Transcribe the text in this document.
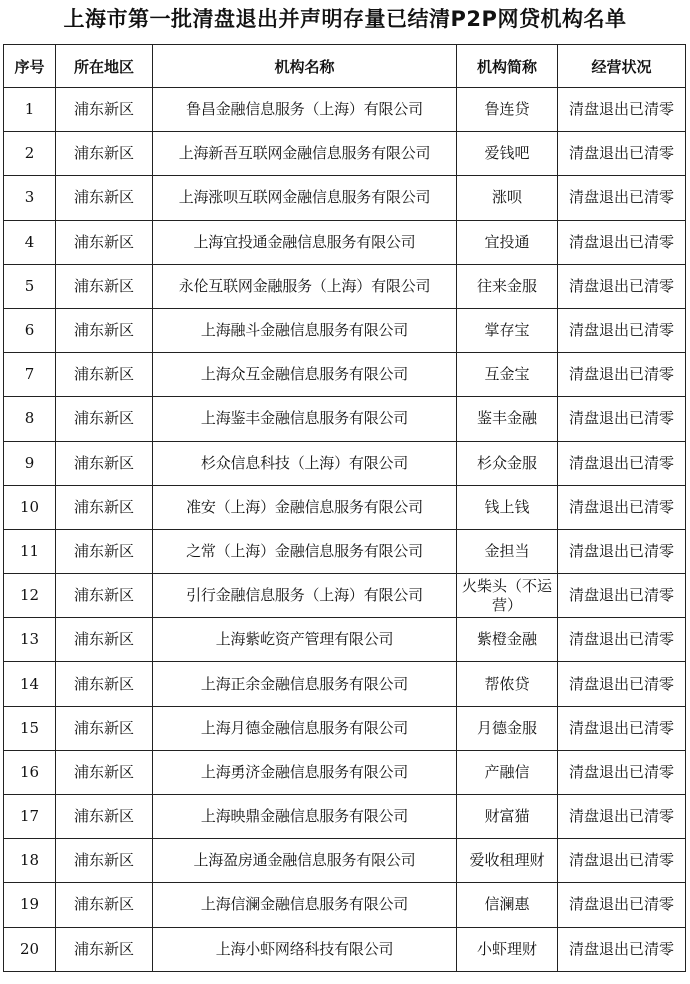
上海市第一批清盘退出并声明存量已结清P2P网贷机构名单
序号	所在地区	机构名称	机构简称	经营状况
1	浦东新区	鲁昌金融信息服务（上海）有限公司	鲁连贷	清盘退出已清零
2	浦东新区	上海新吾互联网金融信息服务有限公司	爱钱吧	清盘退出已清零
3	浦东新区	上海涨呗互联网金融信息服务有限公司	涨呗	清盘退出已清零
4	浦东新区	上海宜投通金融信息服务有限公司	宜投通	清盘退出已清零
5	浦东新区	永伦互联网金融服务（上海）有限公司	往来金服	清盘退出已清零
6	浦东新区	上海融斗金融信息服务有限公司	掌存宝	清盘退出已清零
7	浦东新区	上海众互金融信息服务有限公司	互金宝	清盘退出已清零
8	浦东新区	上海鉴丰金融信息服务有限公司	鉴丰金融	清盘退出已清零
9	浦东新区	杉众信息科技（上海）有限公司	杉众金服	清盘退出已清零
10	浦东新区	准安（上海）金融信息服务有限公司	钱上钱	清盘退出已清零
11	浦东新区	之常（上海）金融信息服务有限公司	金担当	清盘退出已清零
12	浦东新区	引行金融信息服务（上海）有限公司	火柴头（不运营）	清盘退出已清零
13	浦东新区	上海紫屹资产管理有限公司	紫橙金融	清盘退出已清零
14	浦东新区	上海正余金融信息服务有限公司	帮侬贷	清盘退出已清零
15	浦东新区	上海月德金融信息服务有限公司	月德金服	清盘退出已清零
16	浦东新区	上海勇济金融信息服务有限公司	产融信	清盘退出已清零
17	浦东新区	上海映鼎金融信息服务有限公司	财富猫	清盘退出已清零
18	浦东新区	上海盈房通金融信息服务有限公司	爱收租理财	清盘退出已清零
19	浦东新区	上海信澜金融信息服务有限公司	信澜惠	清盘退出已清零
20	浦东新区	上海小虾网络科技有限公司	小虾理财	清盘退出已清零
